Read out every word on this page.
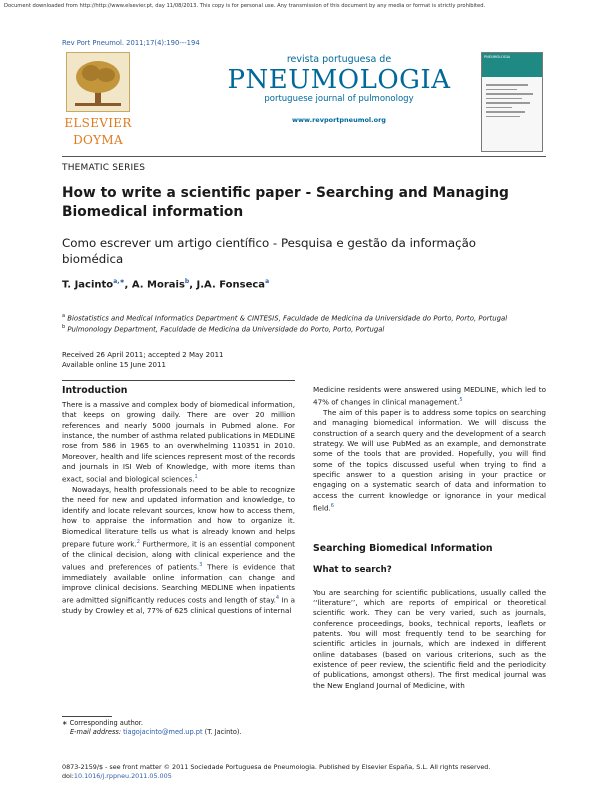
Document downloaded from http://http://www.elsevier.pt, day 11/08/2013. This copy is for personal use. Any transmission of this document by any media or format is strictly prohibited.
Rev Port Pneumol. 2011;17(4):190---194
ELSEVIER
DOYMA
revista portuguesa de
PNEUMOLOGIA
portuguese journal of pulmonology
www.revportpneumol.org
PNEUMOLOGIA
THEMATIC SERIES
How to write a scientific paper - Searching and Managing Biomedical information
Como escrever um artigo científico - Pesquisa e gestão da informação biomédica
T. Jacinto$^{a,∗}$, A. Morais$^b$, J.A. Fonseca$^a$
$^a$ Biostatistics and Medical Informatics Department & CINTESIS, Faculdade de Medicina da Universidade do Porto, Porto, Portugal
$^b$ Pulmonology Department, Faculdade de Medicina da Universidade do Porto, Porto, Portugal
Received 26 April 2011; accepted 2 May 2011
Available online 15 June 2011
Introduction

There is a massive and complex body of biomedical information, that keeps on growing daily. There are over 20 million references and nearly 5000 journals in Pubmed alone. For instance, the number of asthma related publications in MEDLINE rose from 586 in 1965 to an overwhelming 110351 in 2010. Moreover, health and life sciences represent most of the records and journals in ISI Web of Knowledge, with more items than exact, social and biological sciences.$^1$

Nowadays, health professionals need to be able to recognize the need for new and updated information and knowledge, to identify and locate relevant sources, know how to access them, how to appraise the information and how to organize it. Biomedical literature tells us what is already known and helps prepare future work.$^2$ Furthermore, it is an essential component of the clinical decision, along with clinical experience and the values and preferences of patients.$^3$ There is evidence that immediately available online information can change and improve clinical decisions. Searching MEDLINE when inpatients are admitted significantly reduces costs and length of stay.$^4$ In a study by Crowley et al, 77% of 625 clinical questions of internal

Medicine residents were answered using MEDLINE, which led to 47% of changes in clinical management.$^5$

The aim of this paper is to address some topics on searching and managing biomedical information. We will discuss the construction of a search query and the development of a search strategy. We will use PubMed as an example, and demonstrate some of the tools that are provided. Hopefully, you will find some of the topics discussed useful when trying to find a specific answer to a question arising in your practice or engaging on a systematic search of data and information to access the current knowledge or ignorance in your medical field.$^6$

Searching Biomedical Information
What to search?

You are searching for scientific publications, usually called the ‘‘literature’’, which are reports of empirical or theoretical scientific work. They can be very varied, such as journals, conference proceedings, books, technical reports, leaflets or patents. You will most frequently tend to be searching for scientific articles in journals, which are indexed in different online databases (based on various criterions, such as the existence of peer review, the scientific field and the periodicity of publications, amongst others). The first medical journal was the New England Journal of Medicine, with

∗ Corresponding author.
E-mail address: tiagojacinto@med.up.pt (T. Jacinto).
0873-2159/$ - see front matter © 2011 Sociedade Portuguesa de Pneumologia. Published by Elsevier España, S.L. All rights reserved.
doi:10.1016/j.rppneu.2011.05.005
